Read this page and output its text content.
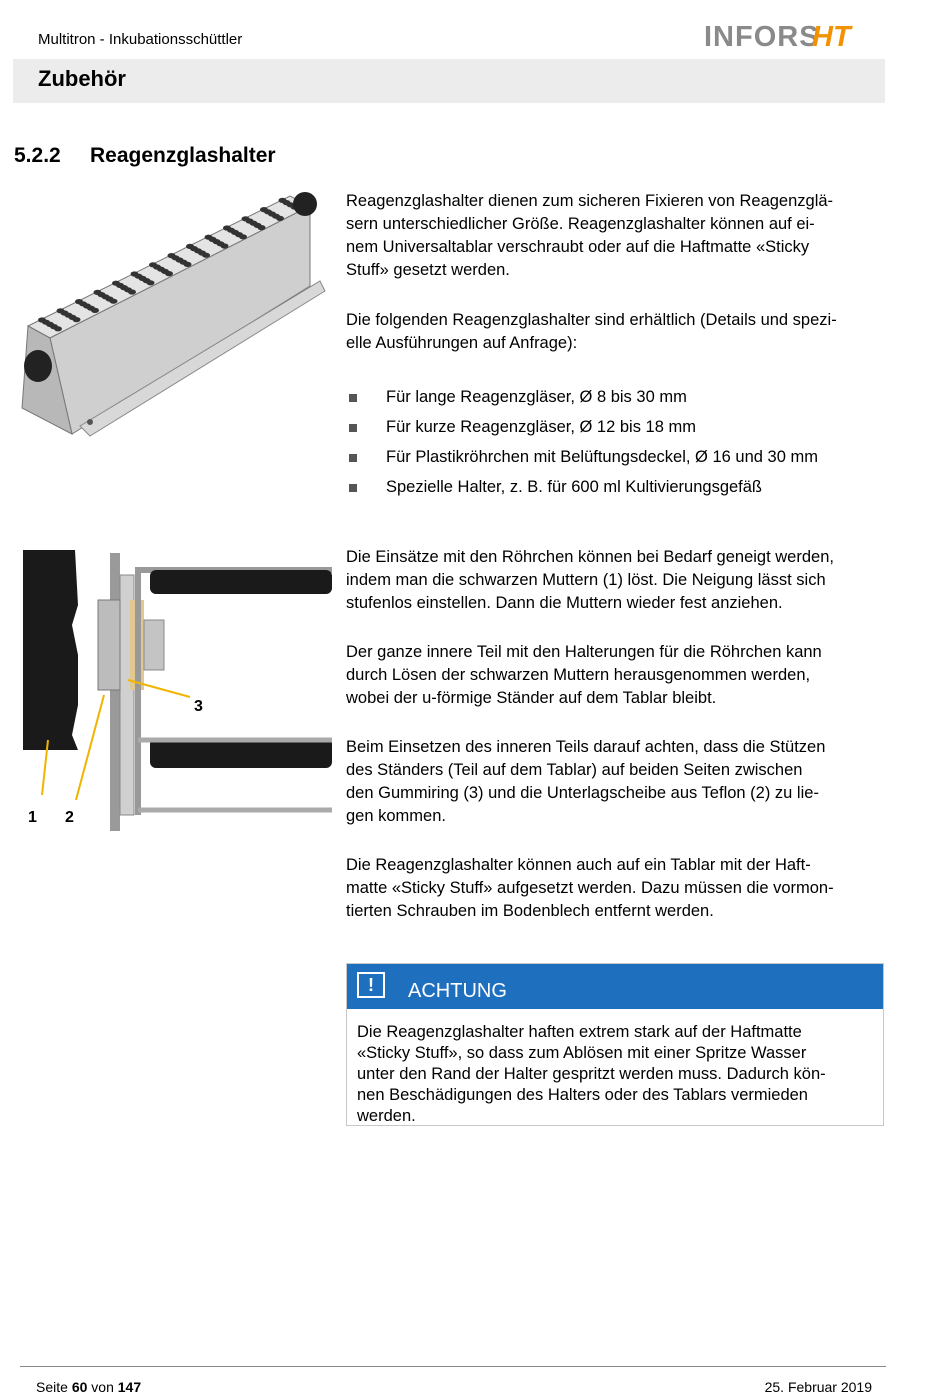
Multitron - Inkubationsschüttler	INFORS
HT
Zubehör
5.2.2 Reagenzglashalter
1 2
3

Reagenzglashalter dienen zum sicheren Fixieren von Reagenzglä-
sern unterschiedlicher Größe. Reagenzglashalter können auf ei-
nem Universaltablar verschraubt oder auf die Haftmatte «Sticky
Stuff» gesetzt werden.

Die folgenden Reagenzglashalter sind erhältlich (Details und spezi-
elle Ausführungen auf Anfrage):

Für lange Reagenzgläser, Ø 8 bis 30 mm
Für kurze Reagenzgläser, Ø 12 bis 18 mm
Für Plastikröhrchen mit Belüftungsdeckel, Ø 16 und 30 mm
Spezielle Halter, z. B. für 600 ml Kultivierungsgefäß

Die Einsätze mit den Röhrchen können bei Bedarf geneigt werden,
indem man die schwarzen Muttern (1) löst. Die Neigung lässt sich
stufenlos einstellen. Dann die Muttern wieder fest anziehen.

Der ganze innere Teil mit den Halterungen für die Röhrchen kann
durch Lösen der schwarzen Muttern herausgenommen werden,
wobei der u-förmige Ständer auf dem Tablar bleibt.

Beim Einsetzen des inneren Teils darauf achten, dass die Stützen
des Ständers (Teil auf dem Tablar) auf beiden Seiten zwischen
den Gummiring (3) und die Unterlagscheibe aus Teflon (2) zu lie-
gen kommen.

Die Reagenzglashalter können auch auf ein Tablar mit der Haft-
matte «Sticky Stuff» aufgesetzt werden. Dazu müssen die vormon-
tierten Schrauben im Bodenblech entfernt werden.

!	ACHTUNG

Die Reagenzglashalter haften extrem stark auf der Haftmatte
«Sticky Stuff», so dass zum Ablösen mit einer Spritze Wasser
unter den Rand der Halter gespritzt werden muss. Dadurch kön-
nen Beschädigungen des Halters oder des Tablars vermieden
werden.

Seite 60 von 147	25. Februar 2019
